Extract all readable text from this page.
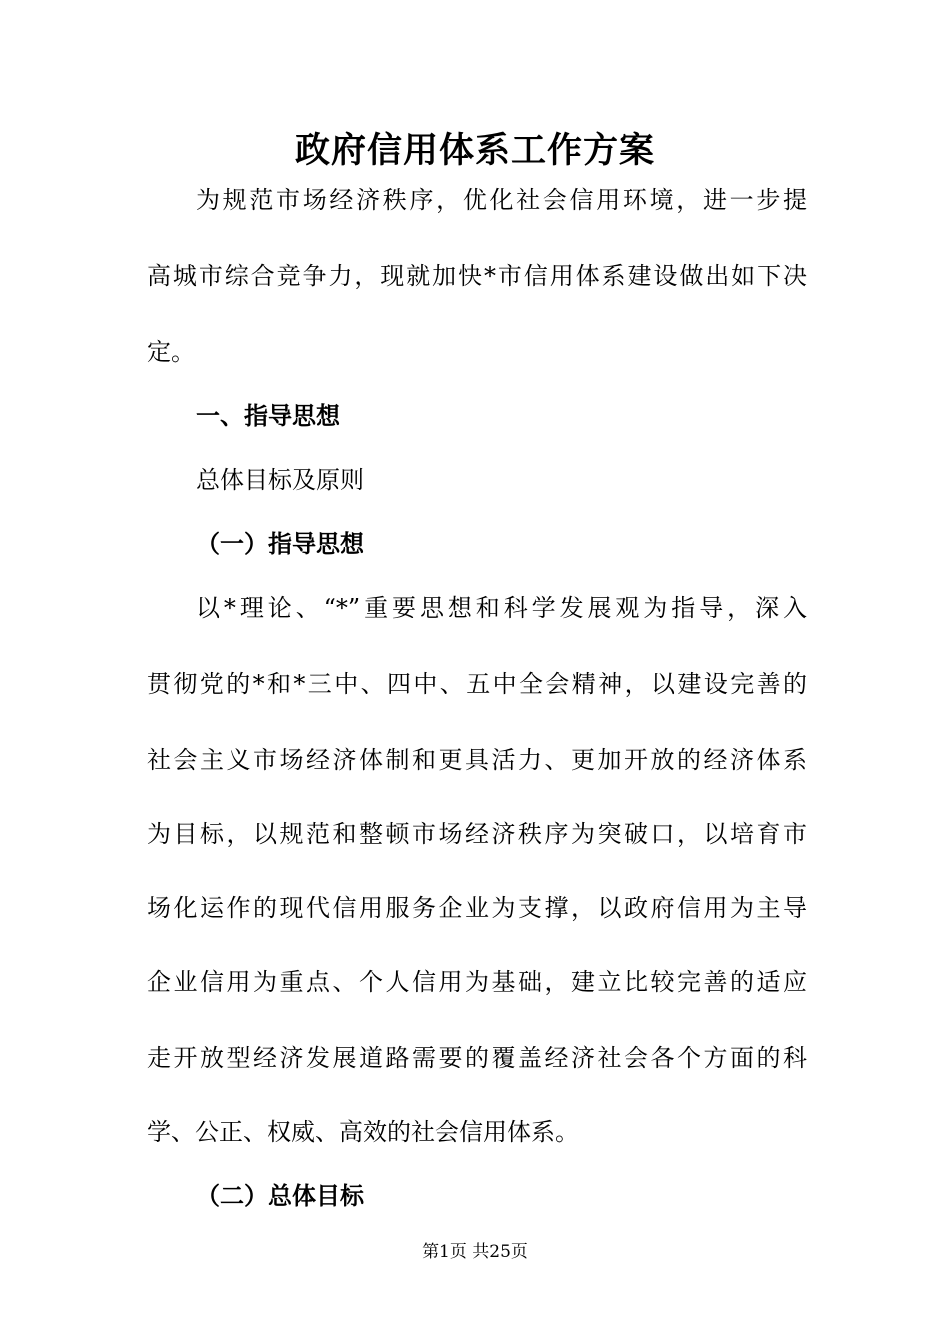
政府信用体系工作方案
为规范市场经济秩序，优化社会信用环境，进一步提
高城市综合竞争力，现就加快*市信用体系建设做出如下决
定。
一、指导思想
总体目标及原则
（一）指导思想
以*理论、“*”重要思想和科学发展观为指导，深入
贯彻党的*和*三中、四中、五中全会精神，以建设完善的
社会主义市场经济体制和更具活力、更加开放的经济体系
为目标，以规范和整顿市场经济秩序为突破口，以培育市
场化运作的现代信用服务企业为支撑，以政府信用为主导
企业信用为重点、个人信用为基础，建立比较完善的适应
走开放型经济发展道路需要的覆盖经济社会各个方面的科
学、公正、权威、高效的社会信用体系。
（二）总体目标
第1页 共25页
